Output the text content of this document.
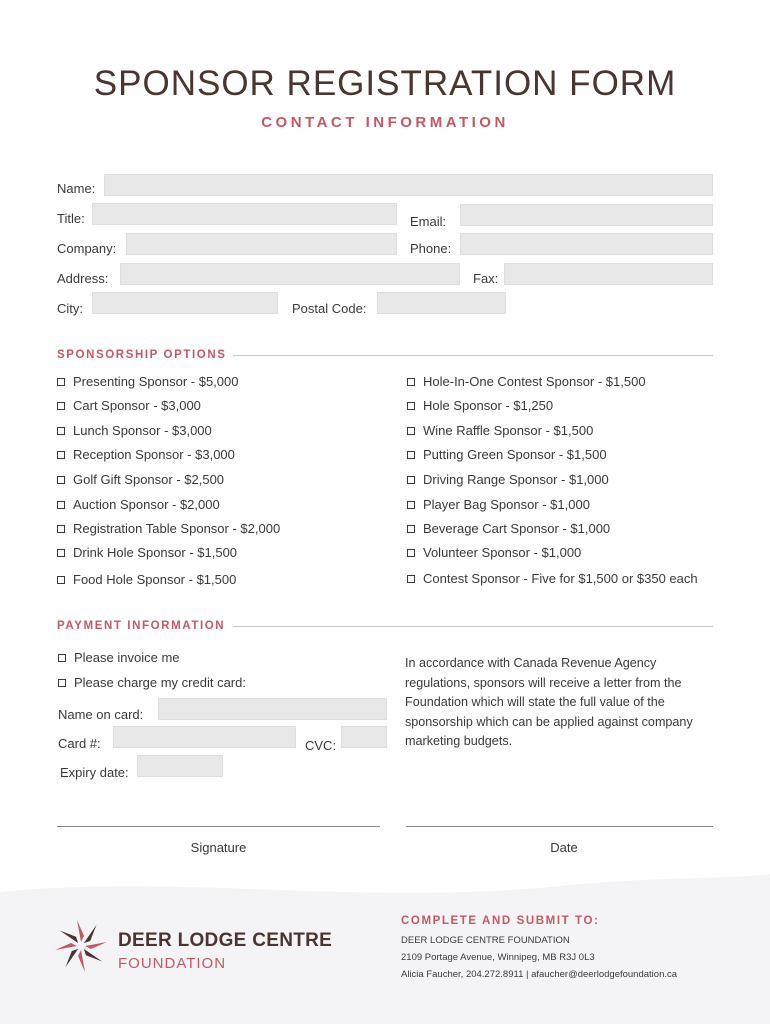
SPONSOR REGISTRATION FORM
CONTACT INFORMATION
Name:
Title:	Email:
Company:	Phone:
Address:	Fax:
City:	Postal Code:
SPONSORSHIP OPTIONS
Presenting Sponsor - $5,000
Cart Sponsor - $3,000
Lunch Sponsor - $3,000
Reception Sponsor - $3,000
Golf Gift Sponsor - $2,500
Auction Sponsor - $2,000
Registration Table Sponsor - $2,000
Drink Hole Sponsor - $1,500
Food Hole Sponsor - $1,500
Hole-In-One Contest Sponsor - $1,500
Hole Sponsor - $1,250
Wine Raffle Sponsor - $1,500
Putting Green Sponsor - $1,500
Driving Range Sponsor - $1,000
Player Bag Sponsor - $1,000
Beverage Cart Sponsor - $1,000
Volunteer Sponsor - $1,000
Contest Sponsor - Five for $1,500 or $350 each
PAYMENT INFORMATION
Please invoice me
Please charge my credit card:
Name on card:
Card #:	CVC:
Expiry date:
In accordance with Canada Revenue Agency regulations, sponsors will receive a letter from the Foundation which will state the full value of the sponsorship which can be applied against company marketing budgets.
Signature	Date
DEER LODGE CENTRE
FOUNDATION
COMPLETE AND SUBMIT TO:
DEER LODGE CENTRE FOUNDATION
2109 Portage Avenue, Winnipeg, MB R3J 0L3
Alicia Faucher, 204.272.8911 | afaucher@deerlodgefoundation.ca
